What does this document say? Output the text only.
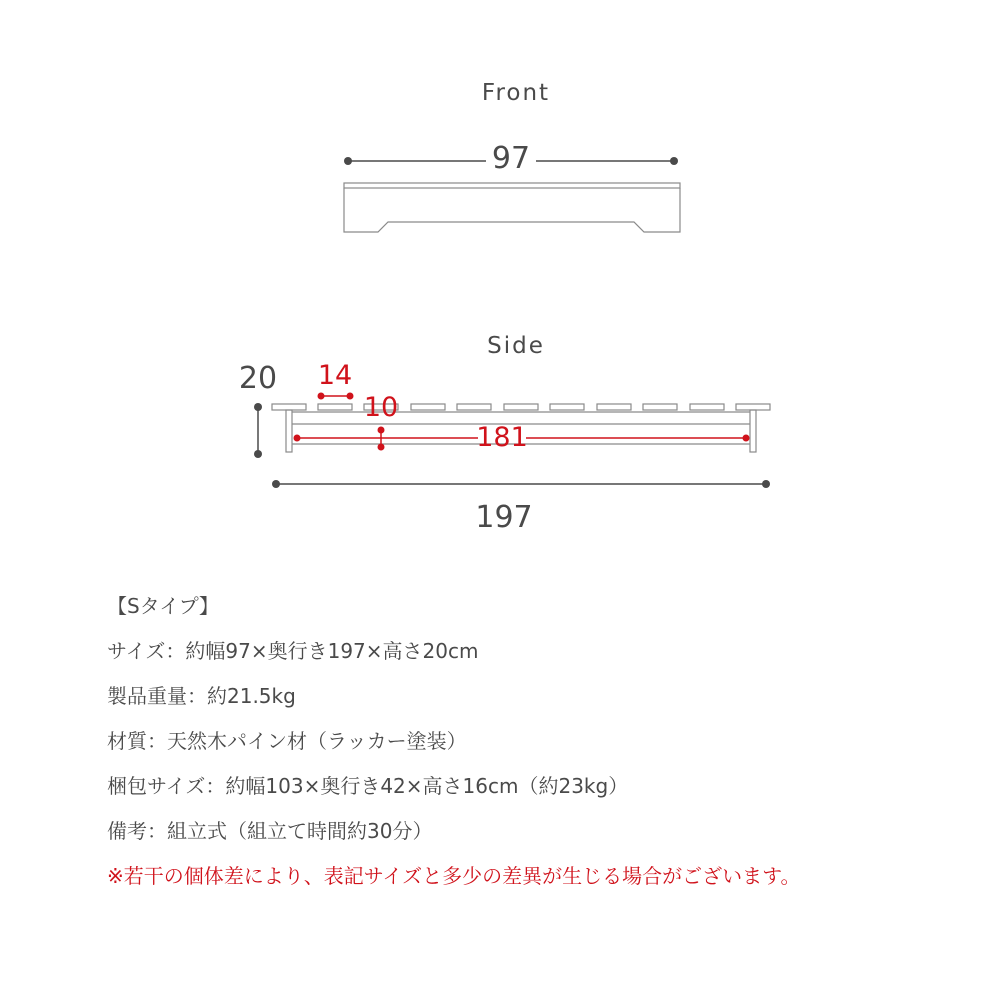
Front
97
Side
20 14
10
181
197
【Sタイプ】
サイズ：約幅97×奥行き197×高さ20cm
製品重量：約21.5kg
材質：天然木パイン材（ラッカー塗装）
梱包サイズ：約幅103×奥行き42×高さ16cm（約23kg）
備考：組立式（組立て時間約30分）
※若干の個体差により、表記サイズと多少の差異が生じる場合がございます。
